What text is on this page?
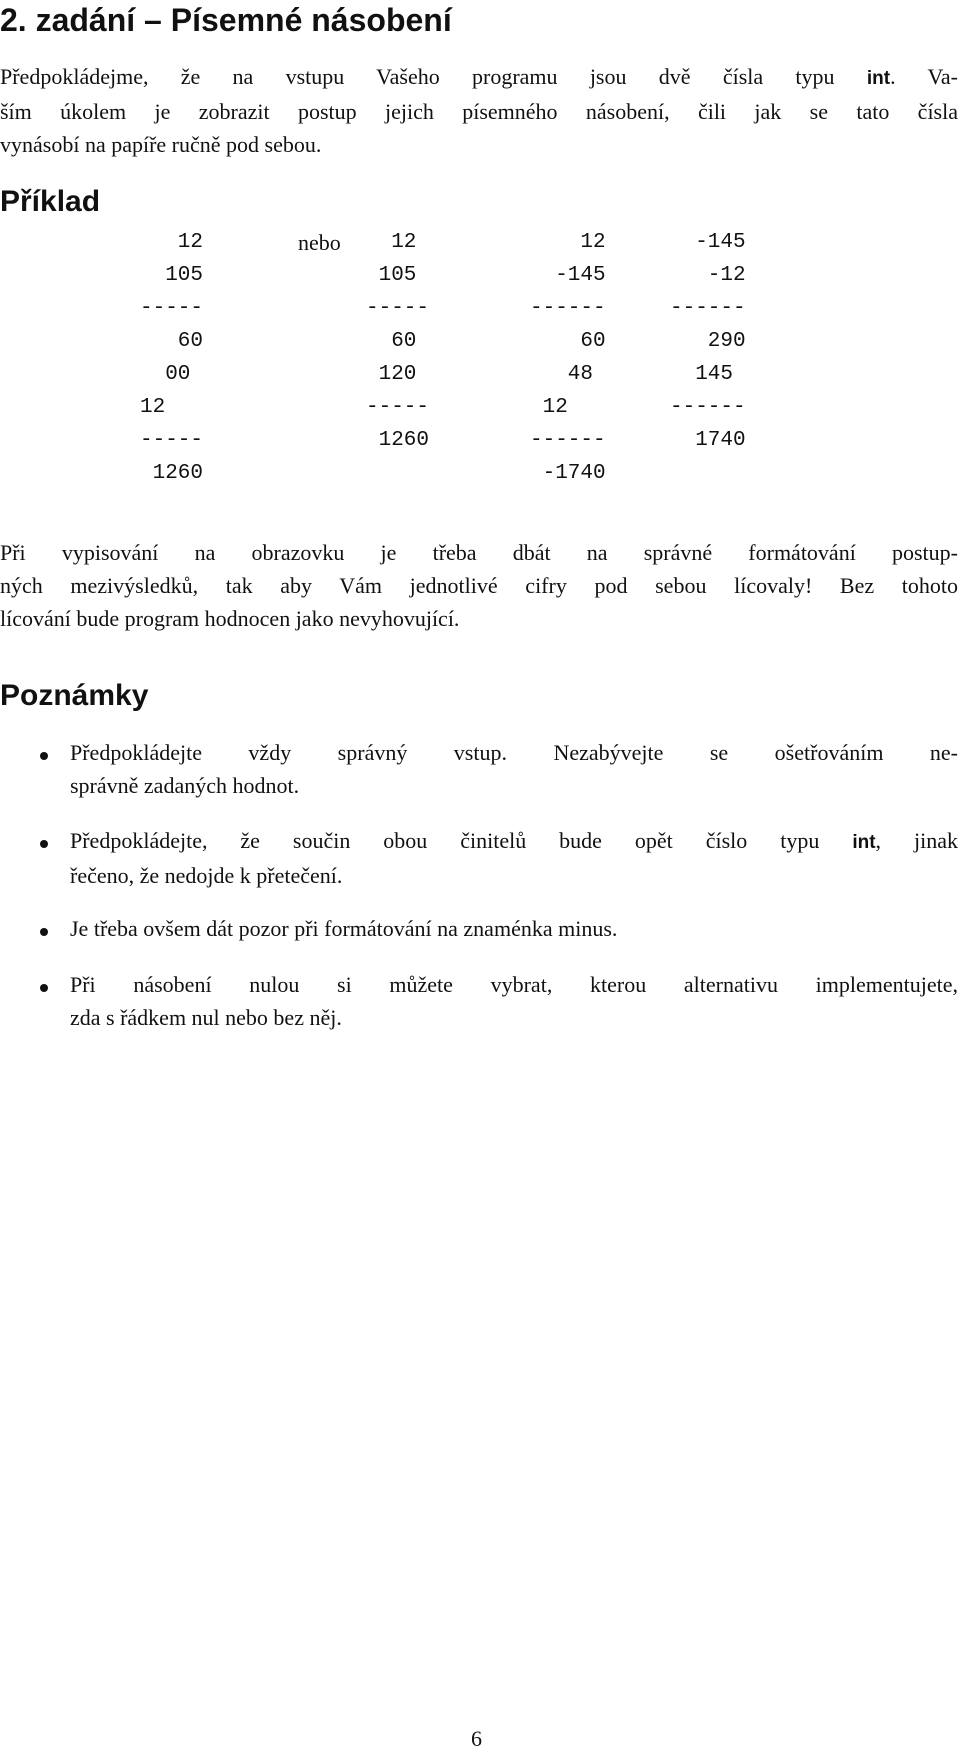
2. zadání – Písemné násobení
Předpokládejme, že na vstupu Vašeho programu jsou dvě čísla typu int. Va-
ším úkolem je zobrazit postup jejich písemného násobení, čili jak se tato čísla
vynásobí na papíře ručně pod sebou.
Příklad
12
105
-----
60
00
12
-----
1260
nebo 12
105
-----
60
120
-----
1260
12
-145
------
60
48
12
------
-1740
-145
-12
------
290
145
------
1740
Při vypisování na obrazovku je třeba dbát na správné formátování postup-
ných mezivýsledků, tak aby Vám jednotlivé cifry pod sebou lícovaly! Bez tohoto
lícování bude program hodnocen jako nevyhovující.
Poznámky
Předpokládejte vždy správný vstup. Nezabývejte se ošetřováním ne-
správně zadaných hodnot.
Předpokládejte, že součin obou činitelů bude opět číslo typu int, jinak
řečeno, že nedojde k přetečení.
Je třeba ovšem dát pozor při formátování na znaménka minus.
Při násobení nulou si můžete vybrat, kterou alternativu implementujete,
zda s řádkem nul nebo bez něj.
6
